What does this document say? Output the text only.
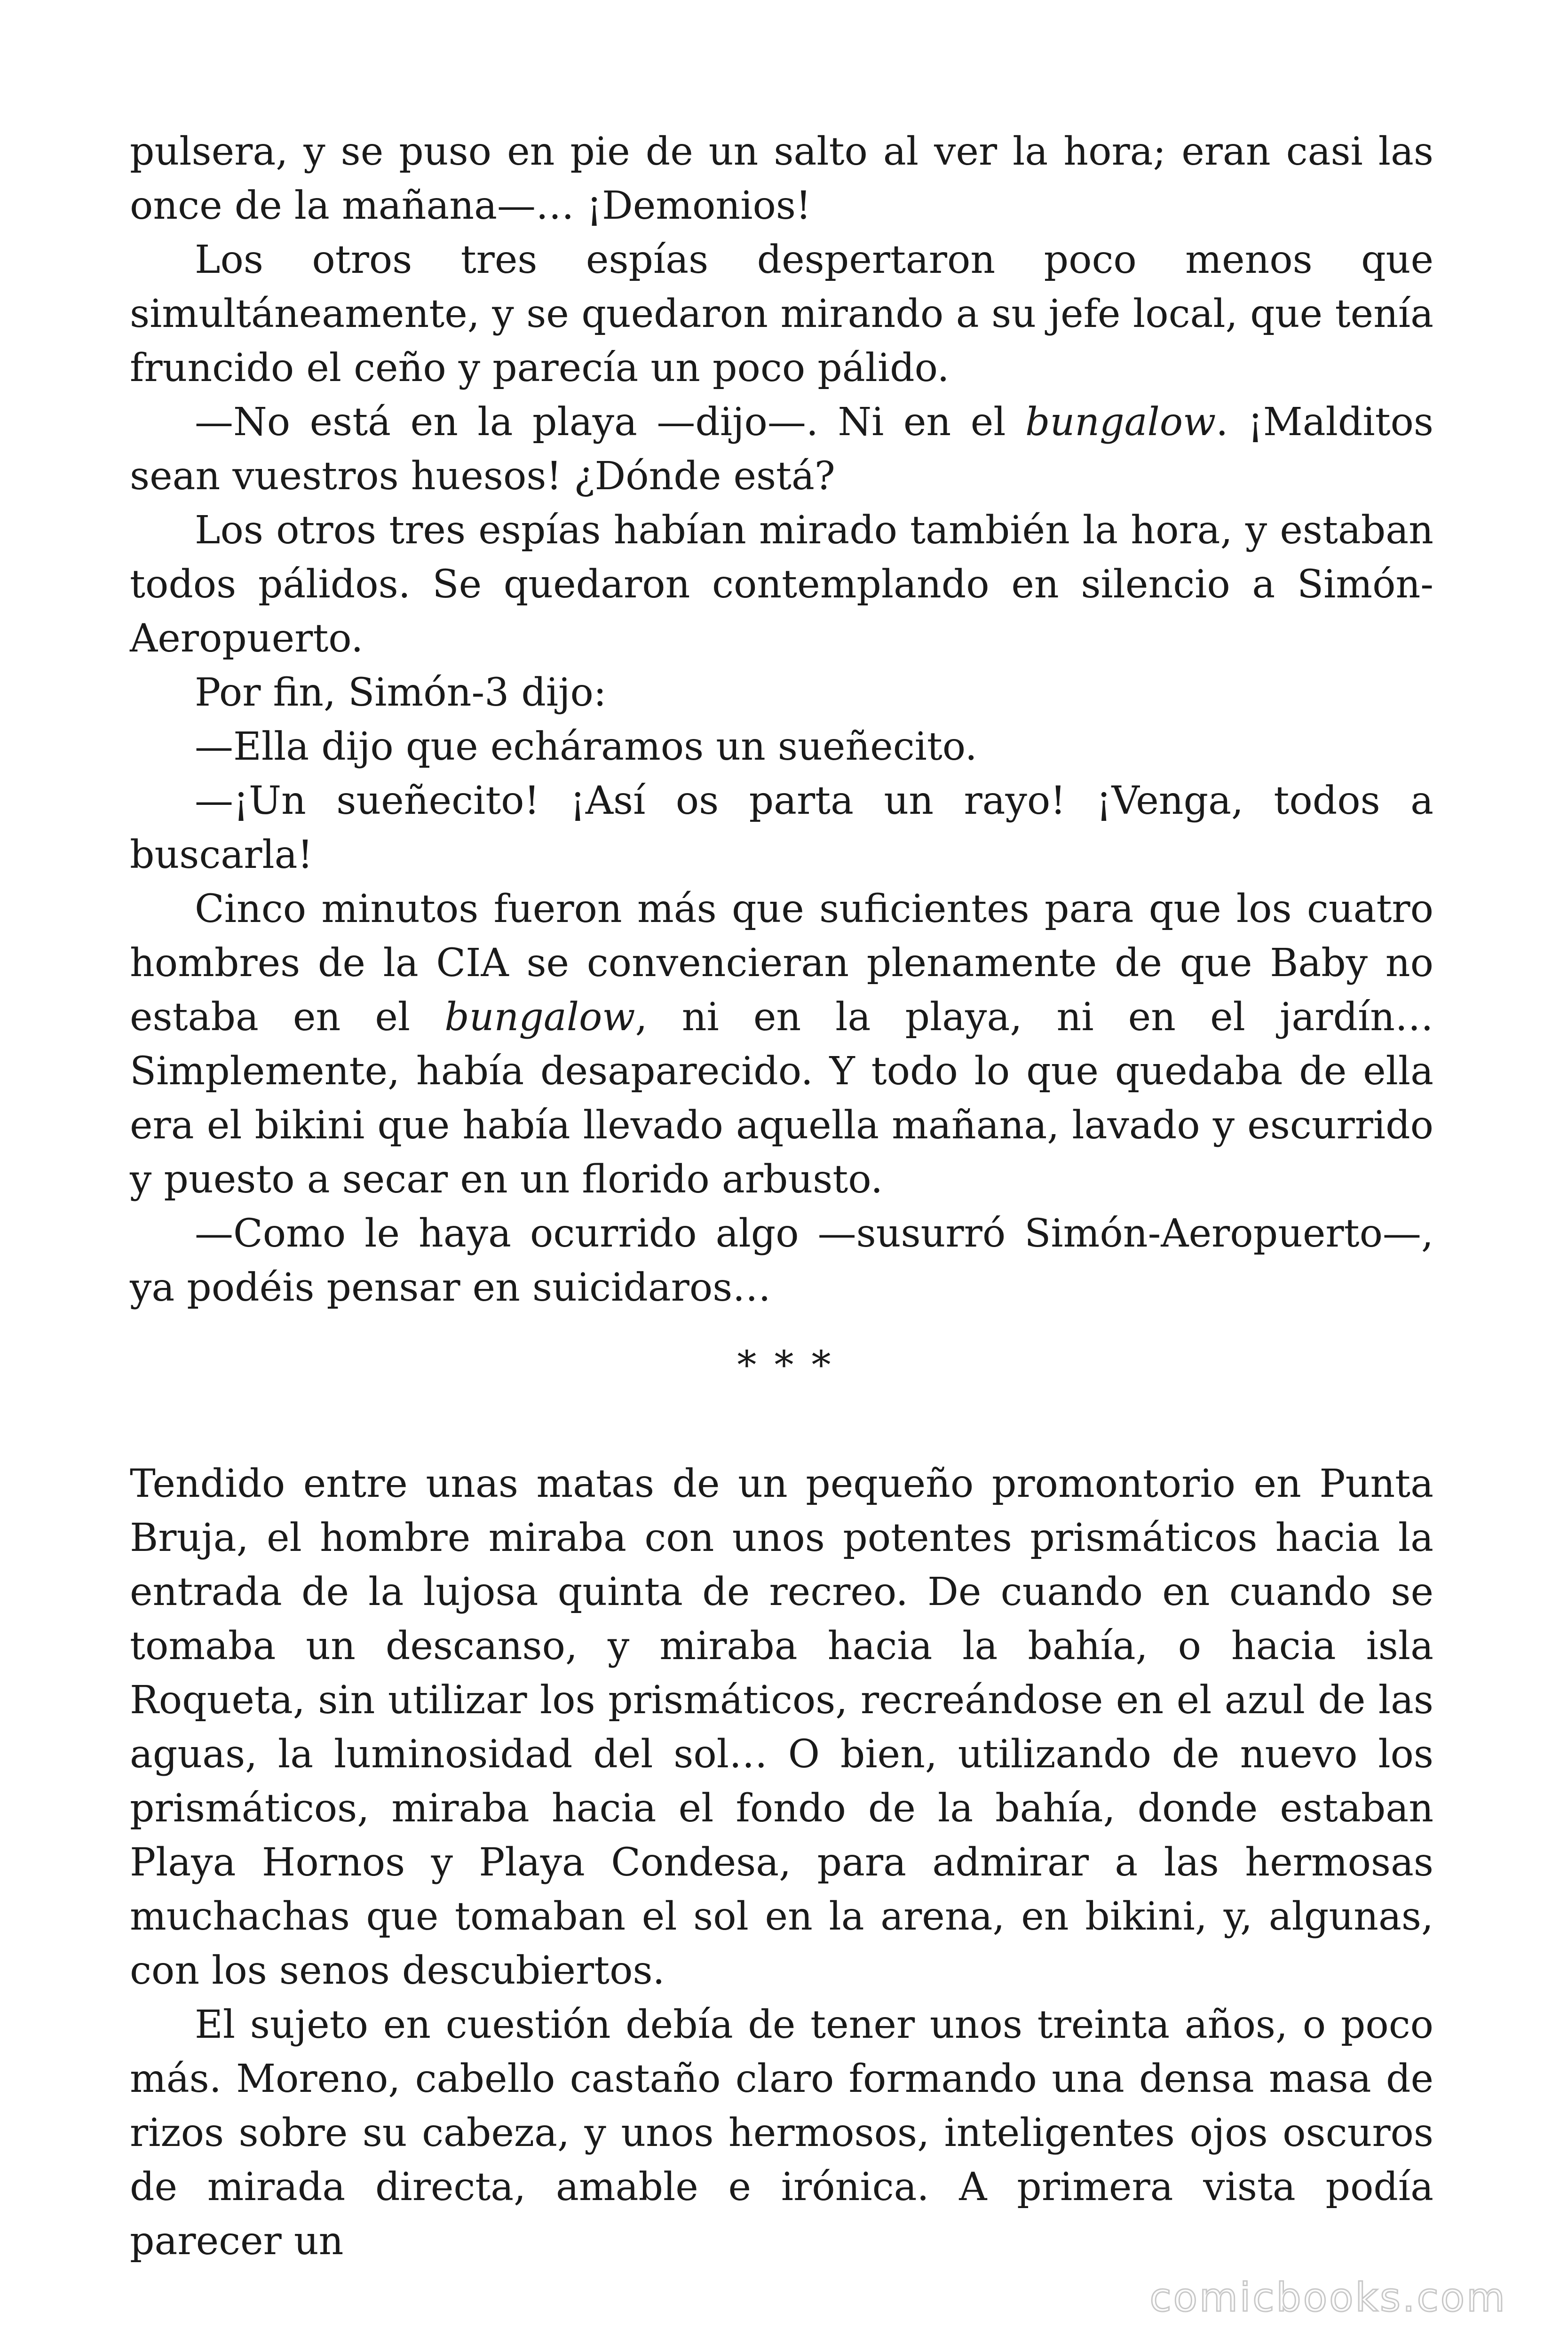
pulsera, y se puso en pie de un salto al ver la hora; eran casi las once de la mañana—… ¡Demonios!

Los otros tres espías despertaron poco menos que simultáneamente, y se quedaron mirando a su jefe local, que tenía fruncido el ceño y parecía un poco pálido.

—No está en la playa —dijo—. Ni en el bungalow. ¡Malditos sean vuestros huesos! ¿Dónde está?

Los otros tres espías habían mirado también la hora, y estaban todos pálidos. Se quedaron contemplando en silencio a Simón-Aeropuerto.

Por fin, Simón-3 dijo:

—Ella dijo que echáramos un sueñecito.

—¡Un sueñecito! ¡Así os parta un rayo! ¡Venga, todos a buscarla!

Cinco minutos fueron más que suficientes para que los cuatro hombres de la CIA se convencieran plenamente de que Baby no estaba en el bungalow, ni en la playa, ni en el jardín… Simplemente, había desaparecido. Y todo lo que quedaba de ella era el bikini que había llevado aquella mañana, lavado y escurrido y puesto a secar en un florido arbusto.

—Como le haya ocurrido algo —susurró Simón-Aeropuerto—, ya podéis pensar en suicidaros…

* * *

Tendido entre unas matas de un pequeño promontorio en Punta Bruja, el hombre miraba con unos potentes prismáticos hacia la entrada de la lujosa quinta de recreo. De cuando en cuando se tomaba un descanso, y miraba hacia la bahía, o hacia isla Roqueta, sin utilizar los prismáticos, recreándose en el azul de las aguas, la luminosidad del sol… O bien, utilizando de nuevo los prismáticos, miraba hacia el fondo de la bahía, donde estaban Playa Hornos y Playa Condesa, para admirar a las hermosas muchachas que tomaban el sol en la arena, en bikini, y, algunas, con los senos descubiertos.

El sujeto en cuestión debía de tener unos treinta años, o poco más. Moreno, cabello castaño claro formando una densa masa de rizos sobre su cabeza, y unos hermosos, inteligentes ojos oscuros de mirada directa, amable e irónica. A primera vista podía parecer un

comicbooks.com
